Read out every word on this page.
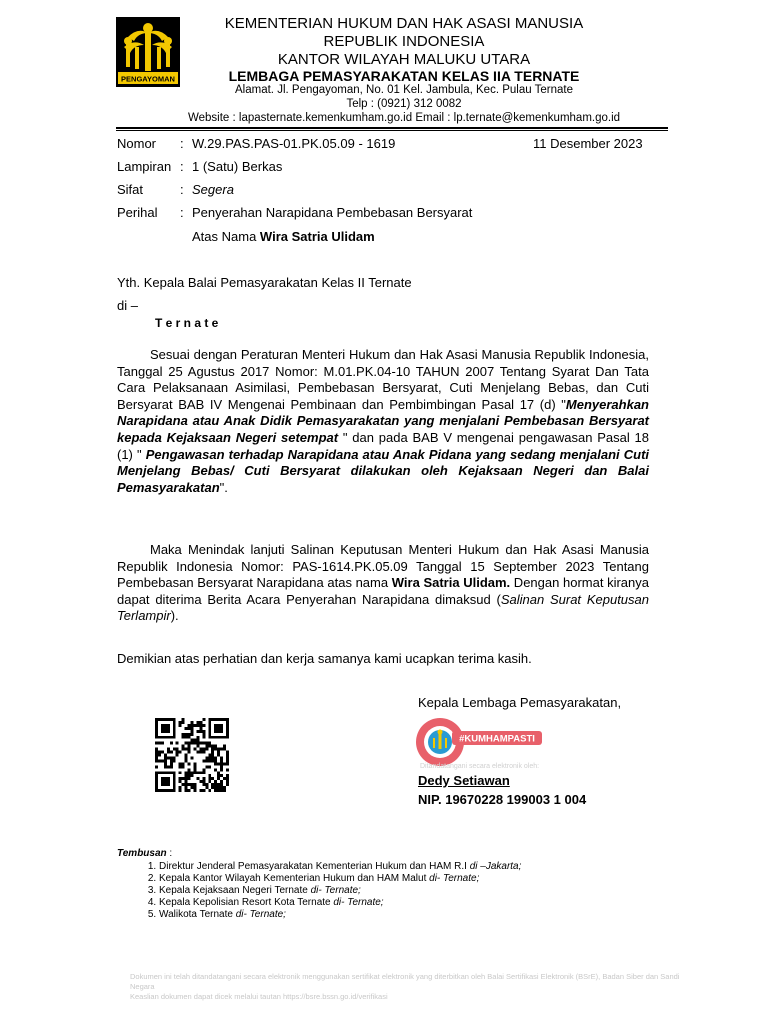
PENGAYOMAN
KEMENTERIAN HUKUM DAN HAK ASASI MANUSIA
REPUBLIK INDONESIA
KANTOR WILAYAH MALUKU UTARA
LEMBAGA PEMASYARAKATAN KELAS IIA TERNATE
Alamat. Jl. Pengayoman, No. 01 Kel. Jambula, Kec. Pulau Ternate
Telp : (0921) 312 0082
Website : lapasternate.kemenkumham.go.id Email : lp.ternate@kemenkumham.go.id
Nomor : W.29.PAS.PAS-01.PK.05.09 - 1619	11 Desember 2023
Lampiran : 1 (Satu) Berkas
Sifat	: Segera
Perihal : Penyerahan Narapidana Pembebasan Bersyarat
Atas Nama Wira Satria Ulidam
Yth. Kepala Balai Pemasyarakatan Kelas II Ternate
di –
T e r n a t e

Sesuai dengan Peraturan Menteri Hukum dan Hak Asasi Manusia Republik Indonesia, Tanggal 25 Agustus 2017 Nomor: M.01.PK.04-10 TAHUN 2007 Tentang Syarat Dan Tata Cara Pelaksanaan Asimilasi, Pembebasan Bersyarat, Cuti Menjelang Bebas, dan Cuti Bersyarat BAB IV Mengenai Pembinaan dan Pembimbingan Pasal 17 (d) "Menyerahkan Narapidana atau Anak Didik Pemasyarakatan yang menjalani Pembebasan Bersyarat kepada Kejaksaan Negeri setempat " dan pada BAB V mengenai pengawasan Pasal 18 (1) " Pengawasan terhadap Narapidana atau Anak Pidana yang sedang menjalani Cuti Menjelang Bebas/ Cuti Bersyarat dilakukan oleh Kejaksaan Negeri dan Balai Pemasyarakatan".

Maka Menindak lanjuti Salinan Keputusan Menteri Hukum dan Hak Asasi Manusia Republik Indonesia Nomor: PAS-1614.PK.05.09 Tanggal 15 September 2023 Tentang Pembebasan Bersyarat Narapidana atas nama Wira Satria Ulidam. Dengan hormat kiranya dapat diterima Berita Acara Penyerahan Narapidana dimaksud (Salinan Surat Keputusan Terlampir).

Demikian atas perhatian dan kerja samanya kami ucapkan terima kasih.

Kepala Lembaga Pemasyarakatan,
#KUMHAMPASTI
Ditandatangani secara elektronik oleh:
Dedy Setiawan
NIP. 19670228 199003 1 004
Tembusan :
1. Direktur Jenderal Pemasyarakatan Kementerian Hukum dan HAM R.I di –Jakarta;
2. Kepala Kantor Wilayah Kementerian Hukum dan HAM Malut di- Ternate;
3. Kepala Kejaksaan Negeri Ternate di- Ternate;
4. Kepala Kepolisian Resort Kota Ternate di- Ternate;
5. Walikota Ternate di- Ternate;
Dokumen ini telah ditandatangani secara elektronik menggunakan sertifikat elektronik yang diterbitkan oleh Balai Sertifikasi Elektronik (BSrE), Badan Siber dan Sandi Negara
Keaslian dokumen dapat dicek melalui tautan https://bsre.bssn.go.id/verifikasi
